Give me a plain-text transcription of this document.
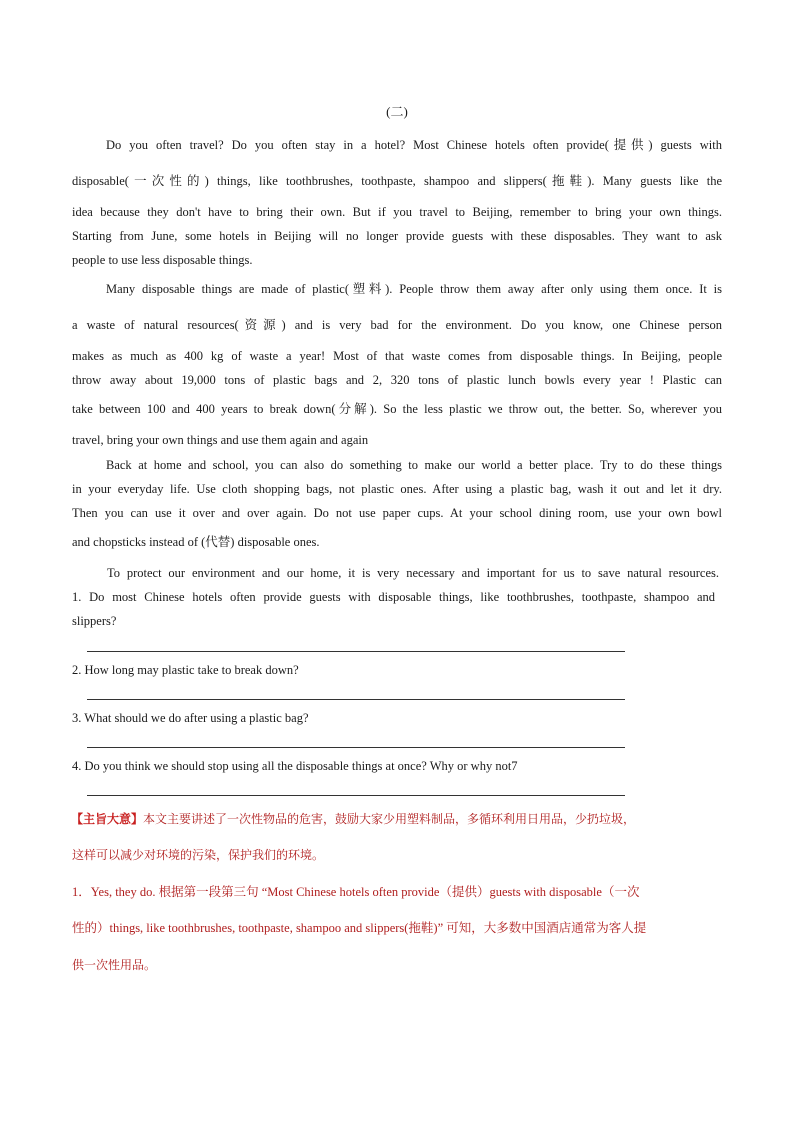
(二)
Do you often travel? Do you often stay in a hotel? Most Chinese hotels often provide(提供) guests with
disposable(一次性的) things, like toothbrushes, toothpaste, shampoo and slippers(拖鞋). Many guests like the
idea because they don't have to bring their own. But if you travel to Beijing, remember to bring your own things.
Starting from June, some hotels in Beijing will no longer provide guests with these disposables. They want to ask
people to use less disposable things.
Many disposable things are made of plastic(塑料). People throw them away after only using them once. It is
a waste of natural resources(资源) and is very bad for the environment. Do you know, one Chinese person
makes as much as 400 kg of waste a year! Most of that waste comes from disposable things. In Beijing, people
throw away about 19,000 tons of plastic bags and 2, 320 tons of plastic lunch bowls every year ! Plastic can
take between 100 and 400 years to break down(分解). So the less plastic we throw out, the better. So, wherever you
travel, bring your own things and use them again and again
Back at home and school, you can also do something to make our world a better place. Try to do these things
in your everyday life. Use cloth shopping bags, not plastic ones. After using a plastic bag, wash it out and let it dry.
Then you can use it over and over again. Do not use paper cups. At your school dining room, use your own bowl
and chopsticks instead of (代替) disposable ones.
To protect our environment and our home, it is very necessary and important for us to save natural resources.
1. Do most Chinese hotels often provide guests with disposable things, like toothbrushes, toothpaste, shampoo and
slippers?
2. How long may plastic take to break down?
3. What should we do after using a plastic bag?
4. Do you think we should stop using all the disposable things at once? Why or why not7
【主旨大意】本文主要讲述了一次性物品的危害，鼓励大家少用塑料制品，多循环利用日用品，少扔垃圾，
这样可以减少对环境的污染，保护我们的环境。
1．Yes, they do. 根据第一段第三句 “Most Chinese hotels often provide（提供）guests with disposable（一次
性的）things, like toothbrushes, toothpaste, shampoo and slippers(拖鞋)” 可知，大多数中国酒店通常为客人提
供一次性用品。
